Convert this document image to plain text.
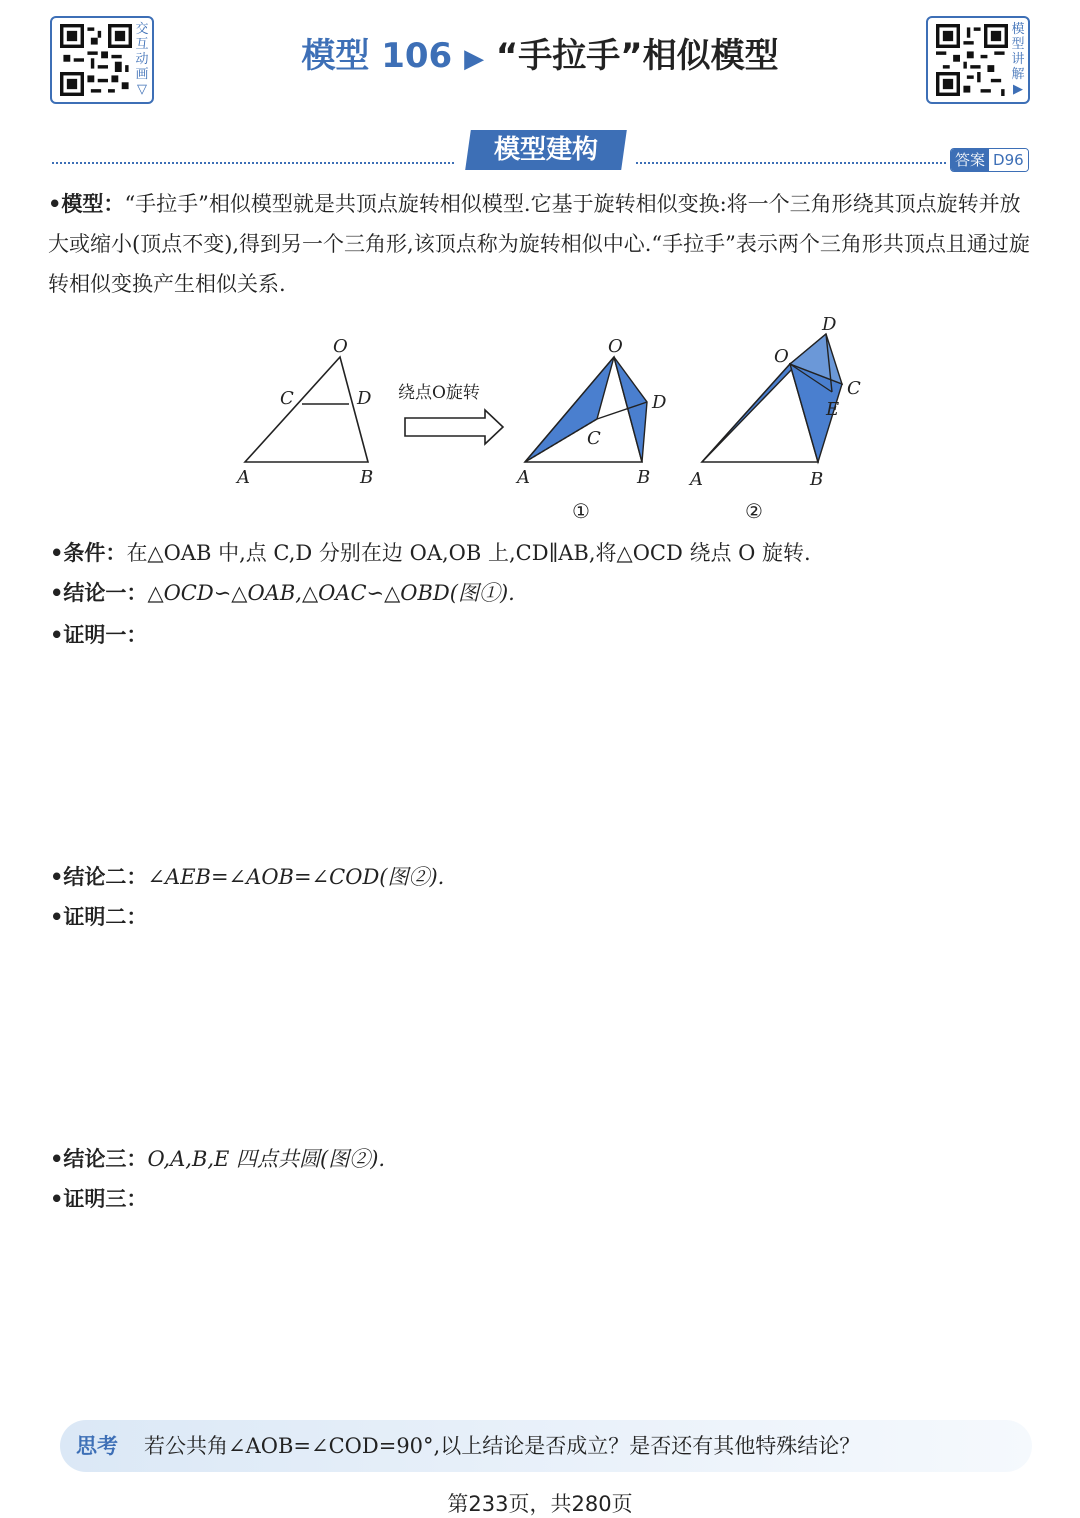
交互动画▽
模型 106 ▶ “手拉手”相似模型
模型讲解▶
模型建构	答案 D96
•模型：“手拉手”相似模型就是共顶点旋转相似模型.它基于旋转相似变换:将一个三角形绕其顶点旋转并放大或缩小(顶点不变),得到另一个三角形,该顶点称为旋转相似中心.“手拉手”表示两个三角形共顶点且通过旋转相似变换产生相似关系.
O
C	D
A	B
绕点O旋转
O
C
D
A	B
①
O
D
C
E
A	B
②
•条件：在△OAB 中,点 C,D 分别在边 OA,OB 上,CD∥AB,将△OCD 绕点 O 旋转.
•结论一：△OCD∽△OAB,△OAC∽△OBD(图①).
•证明一：
•结论二：∠AEB=∠AOB=∠COD(图②).
•证明二：
•结论三：O,A,B,E 四点共圆(图②).
•证明三：
思考 若公共角∠AOB=∠COD=90°,以上结论是否成立？是否还有其他特殊结论？
第233页，共280页
